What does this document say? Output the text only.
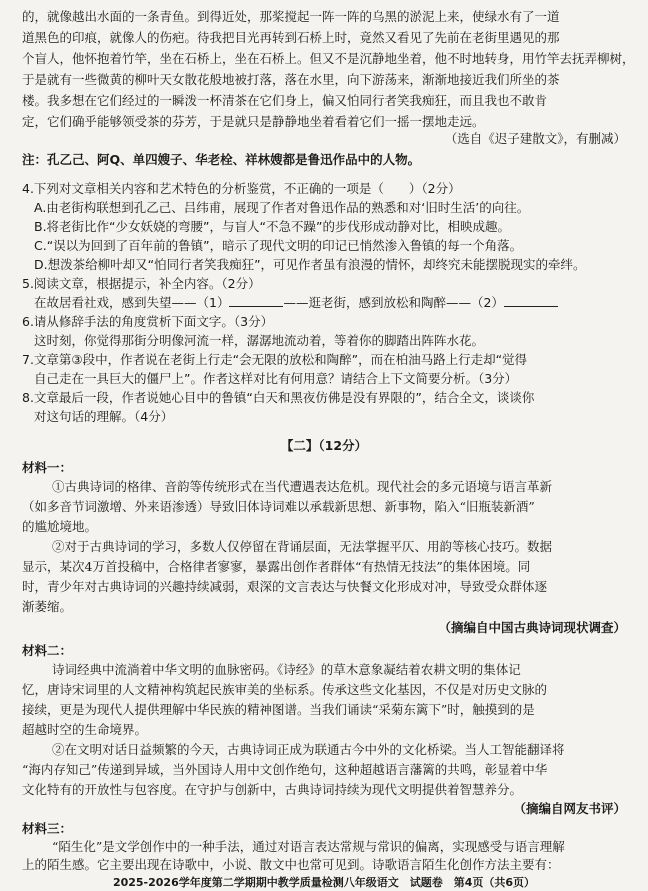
的，就像越出水面的一条青鱼。到得近处，那桨搅起一阵一阵的乌黑的淤泥上来，使绿水有了一道
道黑色的印痕，就像人的伤疤。待我把目光再转到石桥上时，竟然又看见了先前在老街里遇见的那
个盲人，他怀抱着竹竿，坐在石桥上，坐在石桥上。但又不是沉静地坐着，他不时地转身，用竹竿去抚弄柳树，
于是就有一些微黄的柳叶天女散花般地被打落，落在水里，向下游荡来，渐渐地接近我们所坐的茶
楼。我多想在它们经过的一瞬泼一杯清茶在它们身上，偏又怕同行者笑我痴狂，而且我也不敢肯
定，它们确乎能够领受茶的芬芳，于是就只是静静地坐着看着它们一摇一摆地走远。
（选自《迟子建散文》，有删减）
注：孔乙己、阿Q、单四嫂子、华老栓、祥林嫂都是鲁迅作品中的人物。
4.下列对文章相关内容和艺术特色的分析鉴赏，不正确的一项是（　　）（2分）
A.由老街构联想到孔乙己、吕纬甫，展现了作者对鲁迅作品的熟悉和对‘旧时生活’的向往。
B.将老街比作“少女妖娆的弯腰”，与盲人“不急不躁”的步伐形成动静对比，相映成趣。
C.“误以为回到了百年前的鲁镇”，暗示了现代文明的印记已悄然渗入鲁镇的每一个角落。
D.想泼茶给柳叶却又“怕同行者笑我痴狂”，可见作者虽有浪漫的情怀，却终究未能摆脱现实的牵绊。
5.阅读文章，根据提示，补全内容。（2分）
在故居看社戏，感到失望——（1）	——逛老街，感到放松和陶醉——（2）
6.请从修辞手法的角度赏析下面文字。（3分）
这时刻，你觉得那街分明像河流一样，潺潺地流动着，等着你的脚踏出阵阵水花。
7.文章第③段中，作者说在老街上行走“会无限的放松和陶醉”，而在柏油马路上行走却“觉得
自己走在一具巨大的僵尸上”。作者这样对比有何用意？请结合上下文简要分析。（3分）
8.文章最后一段，作者说她心目中的鲁镇“白天和黑夜仿佛是没有界限的”，结合全文，谈谈你
对这句话的理解。（4分）
【二】（12分）
材料一：
①古典诗词的格律、音韵等传统形式在当代遭遇表达危机。现代社会的多元语境与语言革新
（如多音节词激增、外来语渗透）导致旧体诗词难以承载新思想、新事物，陷入“旧瓶装新酒”
的尴尬境地。
②对于古典诗词的学习，多数人仅停留在背诵层面，无法掌握平仄、用韵等核心技巧。数据
显示，某次4万首投稿中，合格律者寥寥，暴露出创作者群体“有热情无技法”的集体困境。同
时，青少年对古典诗词的兴趣持续减弱，艰深的文言表达与快餐文化形成对冲，导致受众群体逐
渐萎缩。
（摘编自中国古典诗词现状调查）
材料二：
诗词经典中流淌着中华文明的血脉密码。《诗经》的草木意象凝结着农耕文明的集体记
忆，唐诗宋词里的人文精神构筑起民族审美的坐标系。传承这些文化基因，不仅是对历史文脉的
接续，更是为现代人提供理解中华民族的精神图谱。当我们诵读“采菊东篱下”时，触摸到的是
超越时空的生命境界。
②在文明对话日益频繁的今天，古典诗词正成为联通古今中外的文化桥梁。当人工智能翻译将
“海内存知己”传递到异域，当外国诗人用中文创作绝句，这种超越语言藩篱的共鸣，彰显着中华
文化特有的开放性与包容度。在守护与创新中，古典诗词持续为现代文明提供着智慧养分。
（摘编自网友书评）
材料三：
“陌生化”是文学创作中的一种手法，通过对语言表达常规与常识的偏离，实现感受与语言理解
上的陌生感。它主要出现在诗歌中，小说、散文中也常可见到。诗歌语言陌生化创作方法主要有：
2025-2026学年度第二学期期中教学质量检测八年级语文　试题卷　第4页（共6页）
